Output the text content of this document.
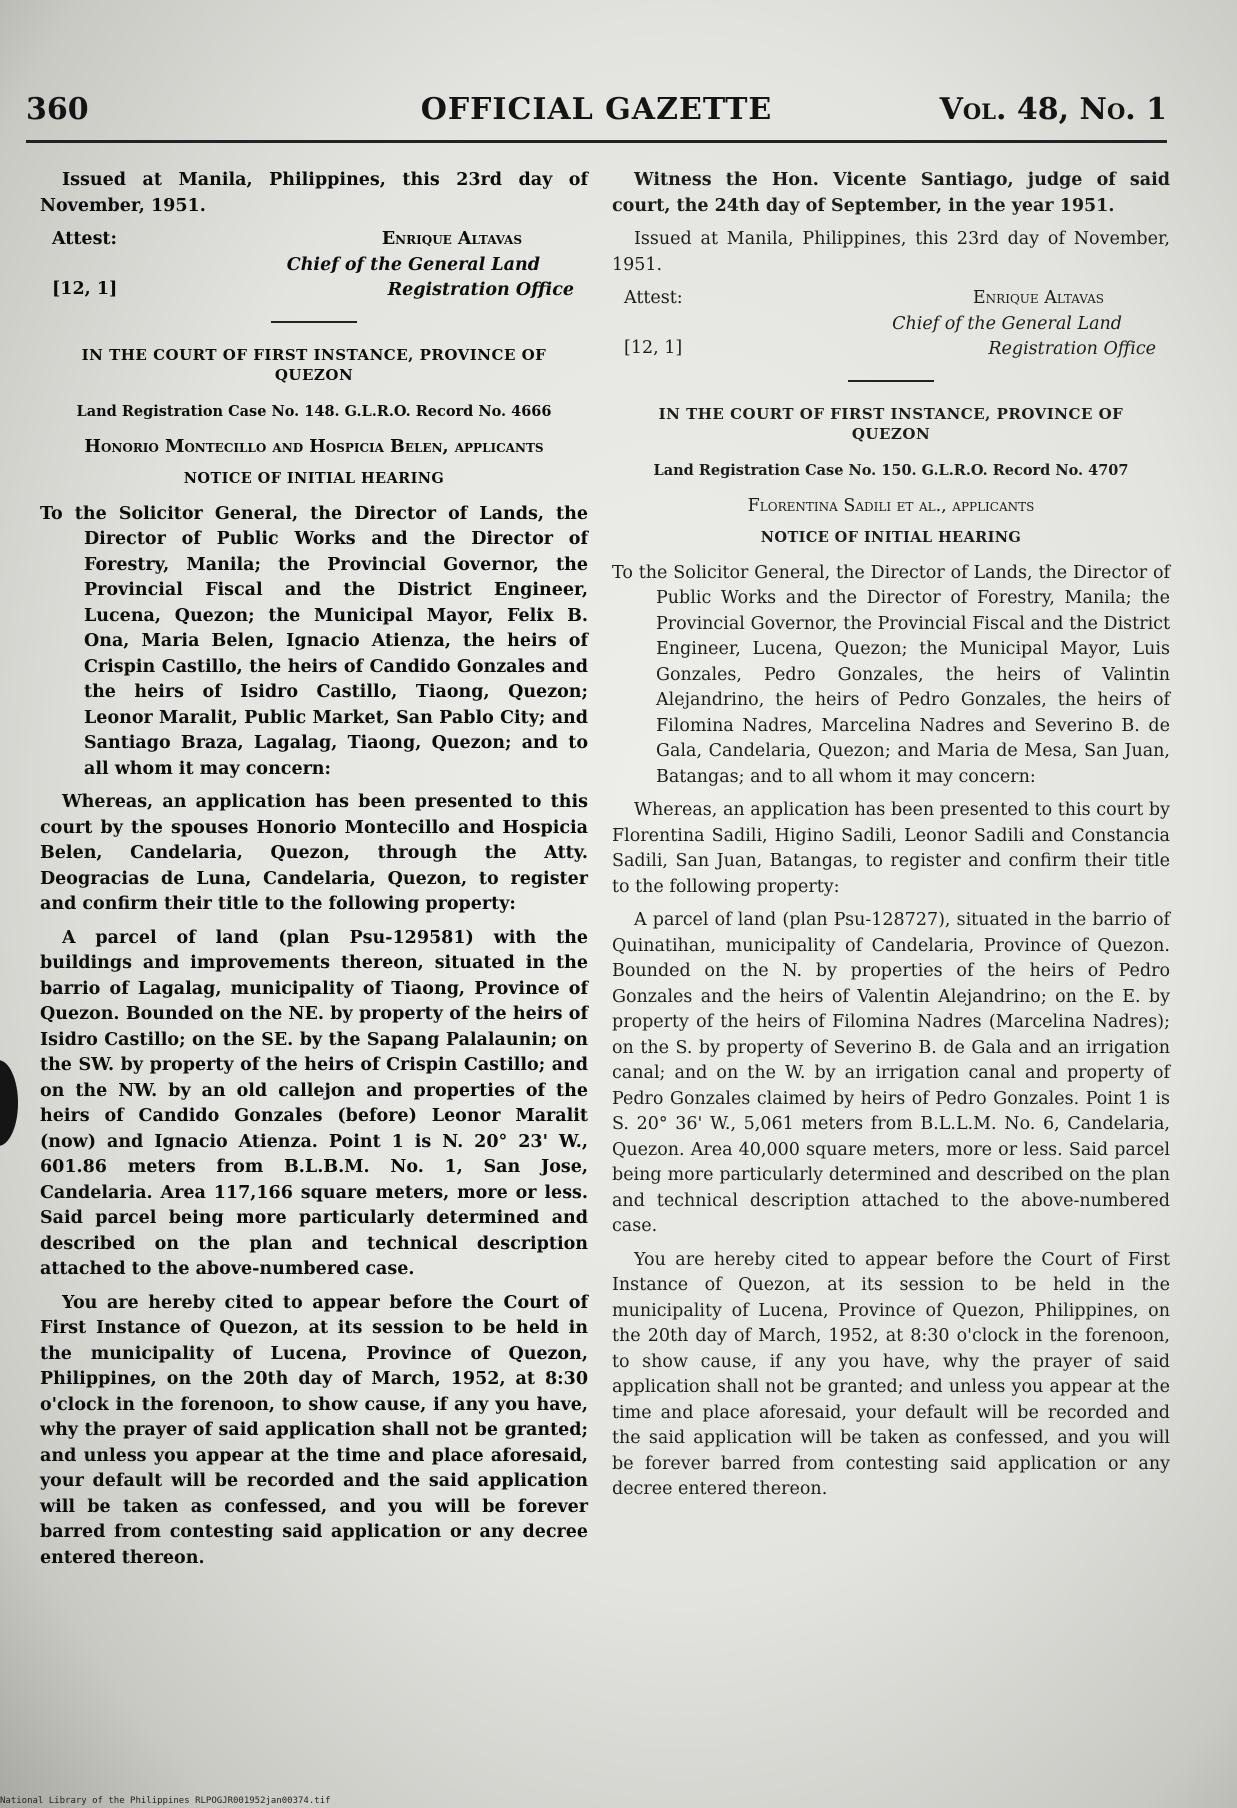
360	OFFICIAL GAZETTE	Vol. 48, No. 1

Issued at Manila, Philippines, this 23rd day of November, 1951.

Attest:
[12, 1]
Enrique Altavas
Chief of the General Land
Registration Office
IN THE COURT OF FIRST INSTANCE, PROVINCE OF QUEZON
Land Registration Case No. 148. G.L.R.O. Record No. 4666
Honorio Montecillo and Hospicia Belen, applicants
NOTICE OF INITIAL HEARING

To the Solicitor General, the Director of Lands, the Director of Public Works and the Director of Forestry, Manila; the Provincial Governor, the Provincial Fiscal and the District Engineer, Lucena, Quezon; the Municipal Mayor, Felix B. Ona, Maria Belen, Ignacio Atienza, the heirs of Crispin Castillo, the heirs of Candido Gonzales and the heirs of Isidro Castillo, Tiaong, Quezon; Leonor Maralit, Public Market, San Pablo City; and Santiago Braza, Lagalag, Tiaong, Quezon; and to all whom it may concern:

Whereas, an application has been presented to this court by the spouses Honorio Montecillo and Hospicia Belen, Candelaria, Quezon, through the Atty. Deogracias de Luna, Candelaria, Quezon, to register and confirm their title to the following property:

A parcel of land (plan Psu-129581) with the buildings and improvements thereon, situated in the barrio of Lagalag, municipality of Tiaong, Province of Quezon. Bounded on the NE. by property of the heirs of Isidro Castillo; on the SE. by the Sapang Palalaunin; on the SW. by property of the heirs of Crispin Castillo; and on the NW. by an old callejon and properties of the heirs of Candido Gonzales (before) Leonor Maralit (now) and Ignacio Atienza. Point 1 is N. 20° 23' W., 601.86 meters from B.L.B.M. No. 1, San Jose, Candelaria. Area 117,166 square meters, more or less. Said parcel being more particularly determined and described on the plan and technical description attached to the above-numbered case.

You are hereby cited to appear before the Court of First Instance of Quezon, at its session to be held in the municipality of Lucena, Province of Quezon, Philippines, on the 20th day of March, 1952, at 8:30 o'clock in the forenoon, to show cause, if any you have, why the prayer of said application shall not be granted; and unless you appear at the time and place aforesaid, your default will be recorded and the said application will be taken as confessed, and you will be forever barred from contesting said application or any decree entered thereon.

Witness the Hon. Vicente Santiago, judge of said court, the 24th day of September, in the year 1951.

Issued at Manila, Philippines, this 23rd day of November, 1951.

Attest:
[12, 1]
Enrique Altavas
Chief of the General Land
Registration Office
IN THE COURT OF FIRST INSTANCE, PROVINCE OF QUEZON
Land Registration Case No. 150. G.L.R.O. Record No. 4707
Florentina Sadili et al., applicants
NOTICE OF INITIAL HEARING

To the Solicitor General, the Director of Lands, the Director of Public Works and the Director of Forestry, Manila; the Provincial Governor, the Provincial Fiscal and the District Engineer, Lucena, Quezon; the Municipal Mayor, Luis Gonzales, Pedro Gonzales, the heirs of Valintin Alejandrino, the heirs of Pedro Gonzales, the heirs of Filomina Nadres, Marcelina Nadres and Severino B. de Gala, Candelaria, Quezon; and Maria de Mesa, San Juan, Batangas; and to all whom it may concern:

Whereas, an application has been presented to this court by Florentina Sadili, Higino Sadili, Leonor Sadili and Constancia Sadili, San Juan, Batangas, to register and confirm their title to the following property:

A parcel of land (plan Psu-128727), situated in the barrio of Quinatihan, municipality of Candelaria, Province of Quezon. Bounded on the N. by properties of the heirs of Pedro Gonzales and the heirs of Valentin Alejandrino; on the E. by property of the heirs of Filomina Nadres (Marcelina Nadres); on the S. by property of Severino B. de Gala and an irrigation canal; and on the W. by an irrigation canal and property of Pedro Gonzales claimed by heirs of Pedro Gonzales. Point 1 is S. 20° 36' W., 5,061 meters from B.L.L.M. No. 6, Candelaria, Quezon. Area 40,000 square meters, more or less. Said parcel being more particularly determined and described on the plan and technical description attached to the above-numbered case.

You are hereby cited to appear before the Court of First Instance of Quezon, at its session to be held in the municipality of Lucena, Province of Quezon, Philippines, on the 20th day of March, 1952, at 8:30 o'clock in the forenoon, to show cause, if any you have, why the prayer of said application shall not be granted; and unless you appear at the time and place aforesaid, your default will be recorded and the said application will be taken as confessed, and you will be forever barred from contesting said application or any decree entered thereon.

National Library of the Philippines RLPOGJR001952jan00374.tif
